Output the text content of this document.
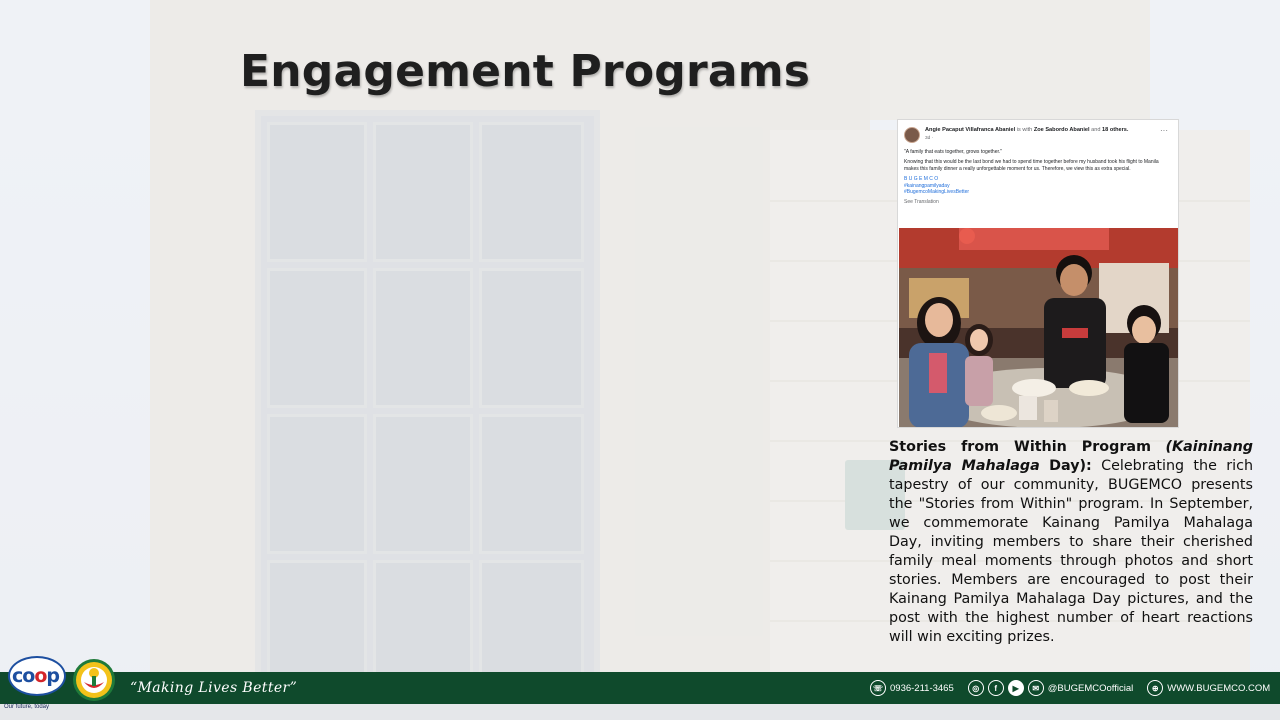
Engagement Programs
Angie Pacaput Villafranca Abaniel is with Zoe Sabordo Abaniel and 18 others.
3d ·
···

"A family that eats together, grows together."

Knowing that this would be the last bond we had to spend time together before my husband took his flight to Manila makes this family dinner a really unforgettable moment for us. Therefore, we view this as extra special.

B U G E M C O
#kainangpamilyaday
#BugemcoMakingLivesBetter
See Translation
Stories from Within Program (Kaininang Pamilya Mahalaga Day): Celebrating the rich tapestry of our community, BUGEMCO presents the "Stories from Within" program. In September, we commemorate Kainang Pamilya Mahalaga Day, inviting members to share their cherished family meal moments through photos and short stories. Members are encouraged to post their Kainang Pamilya Mahalaga Day pictures, and the post with the highest number of heart reactions will win exciting prizes.
coop
Our future, today
“Making Lives Better”	☏ 0936-211-3465	◎	f	▶	✉ @BUGEMCOofficial	⊕ WWW.BUGEMCO.COM
